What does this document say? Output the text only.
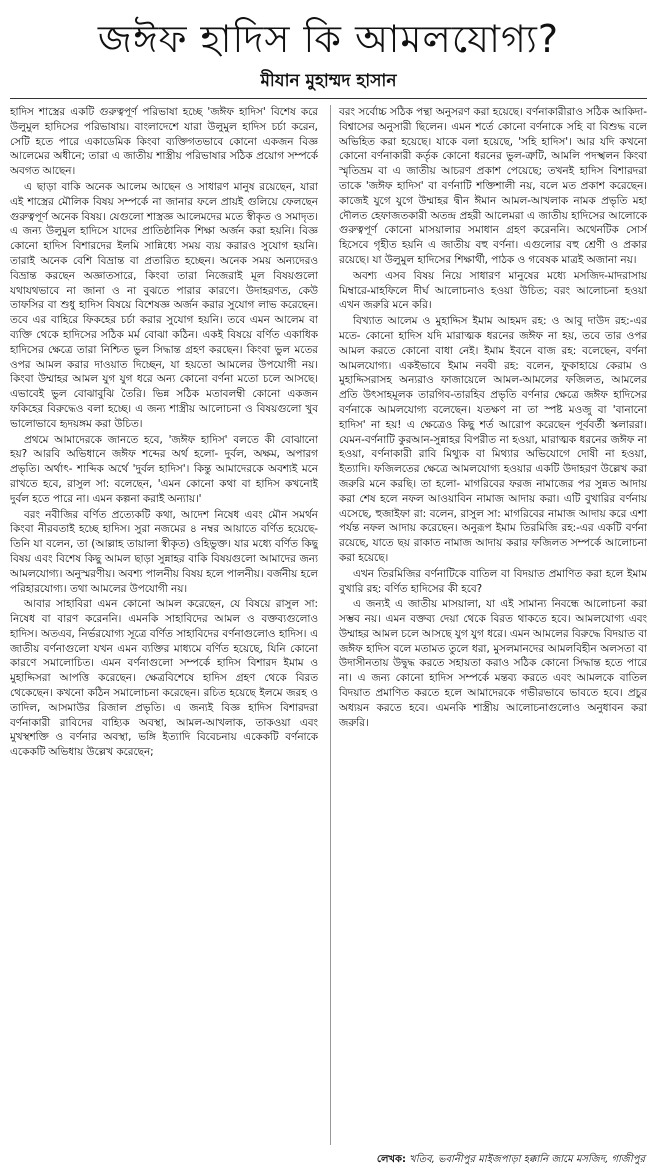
জঈফ হাদিস কি আমলযোগ্য?
মীযান মুহাম্মদ হাসান

হাদিস শাস্ত্রের একটি গুরুত্বপূর্ণ পরিভাষা হচ্ছে 'জঈফ হাদিস' বিশেষ করে উলুমুল হাদিসের পরিভাষায়। বাংলাদেশে যারা উলুমুল হাদিস চর্চা করেন, সেটি হতে পারে একাডেমিক কিংবা ব্যক্তিগতভাবে কোনো একজন বিজ্ঞ আলেমের অধীনে; তারা এ জাতীয় শাস্ত্রীয় পরিভাষার সঠিক প্রয়োগ সম্পর্কে অবগত আছেন।

এ ছাড়া বাকি অনেক আলেম আছেন ও সাধারণ মানুষ রয়েছেন, যারা এই শাস্ত্রের মৌলিক বিষয় সম্পর্কে না জানার ফলে প্রায়ই গুলিয়ে ফেলছেন গুরুত্বপূর্ণ অনেক বিষয়। যেগুলো শাস্ত্রজ্ঞ আলেমদের মতে স্বীকৃত ও সমাদৃত। এ জন্য উলুমুল হাদিসে যাদের প্রাতিষ্ঠানিক শিক্ষা অর্জন করা হয়নি। বিজ্ঞ কোনো হাদিস বিশারদের ইলমি সান্নিধ্যে সময় ব্যয় করারও সুযোগ হয়নি। তারাই অনেক বেশি বিভ্রান্ত বা প্রতারিত হচ্ছেন। অনেক সময় অন্যদেরও বিভ্রান্ত করছেন অজ্ঞাতসারে, কিংবা তারা নিজেরাই মূল বিষয়গুলো যথাযথভাবে না জানা ও না বুঝতে পারার কারণে। উদাহরণত, কেউ তাফসির বা শুধু হাদিস বিষয়ে বিশেষজ্ঞ অর্জন করার সুযোগ লাভ করেছেন। তবে এর বাহিরে ফিকহের চর্চা করার সুযোগ হয়নি। তবে এমন আলেম বা ব্যক্তি থেকে হাদিসের সঠিক মর্ম বোঝা কঠিন। একই বিষয়ে বর্ণিত একাধিক হাদিসের ক্ষেত্রে তারা নিশ্চিত ভুল সিদ্ধান্ত গ্রহণ করছেন। কিংবা ভুল মতের ওপর আমল করার দাওয়াত দিচ্ছেন, যা হয়তো আমলের উপযোগী নয়। কিংবা উম্মাহর আমল যুগ যুগ ধরে অন্য কোনো বর্ণনা মতো চলে আসছে। এভাবেই ভুল বোঝাবুঝি তৈরি। ভিন্ন সঠিক মতাবলম্বী কোনো একজন ফকিহের বিরুদ্ধেও বলা হচ্ছে। এ জন্য শাস্ত্রীয় আলোচনা ও বিষয়গুলো খুব ভালোভাবে হৃদয়ঙ্গম করা উচিত।

প্রথমে আমাদেরকে জানতে হবে, 'জঈফ হাদিস' বলতে কী বোঝানো হয়? আরবি অভিধানে জঈফ শব্দের অর্থ হলো- দুর্বল, অক্ষম, অপারগ প্রভৃতি। অর্থাৎ- শাব্দিক অর্থে 'দুর্বল হাদিস'। কিন্তু আমাদেরকে অবশ্যই মনে রাখতে হবে, রাসুল সা: বলেছেন, 'এমন কোনো কথা বা হাদিস কখনোই দুর্বল হতে পারে না। এমন কল্পনা করাই অন্যায়।'

বরং নবীজির বর্ণিত প্রত্যেকটি কথা, আদেশ নিষেধ এবং মৌন সমর্থন কিংবা নীরবতাই হচ্ছে হাদিস। সুরা নজমের ৪ নম্বর আয়াতে বর্ণিত হয়েছে- তিনি যা বলেন, তা (আল্লাহ তায়ালা স্বীকৃত) ওহিভুক্ত। যার মধ্যে বর্ণিত কিছু বিষয় এবং বিশেষ কিছু আমল ছাড়া সুন্নাহর বাকি বিষয়গুলো আমাদের জন্য আমলযোগ্য। অনুস্মরণীয়। অবশ্য পালনীয় বিষয় হলে পালনীয়। বর্জনীয় হলে পরিহারযোগ্য। তথা আমলের উপযোগী নয়।

আবার সাহাবিরা এমন কোনো আমল করেছেন, যে বিষয়ে রাসুল সা: নিষেধ বা বারণ করেননি। এমনকি সাহাবিদের আমল ও বক্তব্যগুলোও হাদিস। অতএব, নির্ভরযোগ্য সূত্রে বর্ণিত সাহাবিদের বর্ণনাগুলোও হাদিস। এ জাতীয় বর্ণনাগুলো যখন এমন ব্যক্তির মাধ্যমে বর্ণিত হয়েছে, যিনি কোনো কারণে সমালোচিত। এমন বর্ণনাগুলো সম্পর্কে হাদিস বিশারদ ইমাম ও মুহাদ্দিসরা আপত্তি করেছেন। ক্ষেত্রবিশেষে হাদিস গ্রহণ থেকে বিরত থেকেছেন। কখনো কঠিন সমালোচনা করেছেন। রচিত হয়েছে ইলমে জরহ ও তাদিল, আসমাউর রিজাল প্রভৃতি। এ জন্যই বিজ্ঞ হাদিস বিশারদরা বর্ণনাকারী রাবিদের বাহ্যিক অবস্থা, আমল-আখলাক, তাকওয়া এবং মুখস্থশক্তি ও বর্ণনার অবস্থা, ভঙ্গি ইত্যাদি বিবেচনায় একেকটি বর্ণনাকে একেকটি অভিধায় উল্লেখ করেছেন;

বরং সর্বোচ্চ সঠিক পন্থা অনুসরণ করা হয়েছে। বর্ণনাকারীরাও সঠিক আকিদা-বিশ্বাসের অনুসারী ছিলেন। এমন শর্তে কোনো বর্ণনাকে সহি বা বিশুদ্ধ বলে অভিহিত করা হয়েছে। যাকে বলা হয়েছে, 'সহি হাদিস'। আর যদি কখনো কোনো বর্ণনাকারী কর্তৃক কোনো ধরনের ভুল-ত্রুটি, আমলি পদস্খলন কিংবা স্মৃতিভ্রম বা এ জাতীয় আচরণ প্রকাশ পেয়েছে; তখনই হাদিস বিশারদরা তাকে 'জঈফ হাদিস' বা বর্ণনাটি শক্তিশালী নয়, বলে মত প্রকাশ করেছেন। কাজেই যুগে যুগে উম্মাহর দ্বীন ঈমান আমল-আখলাক নামক প্রভৃতি মহা দৌলত হেফাজতকারী অতন্দ্র প্রহরী আলেমরা এ জাতীয় হাদিসের আলোকে গুরুত্বপূর্ণ কোনো মাসয়ালার সমাধান গ্রহণ করেননি। অথেনটিক সোর্স হিসেবে গৃহীত হয়নি এ জাতীয় বহু বর্ণনা। এগুলোর বহু শ্রেণী ও প্রকার রয়েছে। যা উলুমুল হাদিসের শিক্ষার্থী, পাঠক ও গবেষক মাত্রই অজানা নয়।

অবশ্য এসব বিষয় নিয়ে সাধারণ মানুষের মধ্যে মসজিদ-মাদরাসায় মিম্বারে-মাহফিলে দীর্ঘ আলোচনাও হওয়া উচিত; বরং আলোচনা হওয়া এখন জরুরি মনে করি।

বিখ্যাত আলেম ও মুহাদ্দিস ইমাম আহমদ রহ: ও আবু দাউদ রহ:-এর মতে- কোনো হাদিস যদি মারাত্মক ধরনের জঈফ না হয়, তবে তার ওপর আমল করতে কোনো বাধা নেই। ইমাম ইবনে বাজ রহ: বলেছেন, বর্ণনা আমলযোগ্য। একইভাবে ইমাম নববী রহ: বলেন, ফুকাহায়ে কেরাম ও মুহাদ্দিসরাসহ অন্যরাও ফাজায়েলে আমল-আমলের ফজিলত, আমলের প্রতি উৎসাহমূলক তারগিব-তারহিব প্রভৃতি বর্ণনার ক্ষেত্রে জঈফ হাদিসের বর্ণনাকে আমলযোগ্য বলেছেন। যতক্ষণ না তা স্পষ্ট মওজু বা 'বানানো হাদিস' না হয়! এ ক্ষেত্রেও কিছু শর্ত আরোপ করেছেন পূর্ববর্তী স্কলাররা। যেমন-বর্ণনাটি কুরআন-সুন্নাহর বিপরীত না হওয়া, মারাত্মক ধরনের জঈফ না হওয়া, বর্ণনাকারী রাবি মিথ্যুক বা মিথ্যার অভিযোগে দোষী না হওয়া, ইত্যাদি। ফজিলতের ক্ষেত্রে আমলযোগ্য হওয়ার একটি উদাহরণ উল্লেখ করা জরুরি মনে করছি। তা হলো- মাগরিবের ফরজ নামাজের পর সুন্নত আদায় করা শেষ হলে নফল আওয়াবিন নামাজ আদায় করা। এটি বুখারির বর্ণনায় এসেছে, হুজাইফা রা: বলেন, রাসুল সা: মাগরিবের নামাজ আদায় করে এশা পর্যন্ত নফল আদায় করেছেন। অনুরূপ ইমাম তিরমিজি রহ:-এর একটি বর্ণনা রয়েছে, যাতে ছয় রাকাত নামাজ আদায় করার ফজিলত সম্পর্কে আলোচনা করা হয়েছে।

এখন তিরমিজির বর্ণনাটিকে বাতিল বা বিদয়াত প্রমাণিত করা হলে ইমাম বুখারি রহ: বর্ণিত হাদিসের কী হবে?

এ জন্যই এ জাতীয় মাসয়ালা, যা এই সামান্য নিবন্ধে আলোচনা করা সম্ভব নয়। এমন বক্তব্য দেয়া থেকে বিরত থাকতে হবে। আমলযোগ্য এবং উম্মাহর আমল চলে আসছে যুগ যুগ ধরে। এমন আমলের বিরুদ্ধে বিদয়াত বা জঈফ হাদিস বলে মতামত তুলে ধরা, মুসলমানদের আমলবিহীন অলসতা বা উদাসীনতায় উদ্বুদ্ধ করতে সহায়তা করাও সঠিক কোনো সিদ্ধান্ত হতে পারে না। এ জন্য কোনো হাদিস সম্পর্কে মন্তব্য করতে এবং আমলকে বাতিল বিদয়াত প্রমাণিত করতে হলে আমাদেরকে গভীরভাবে ভাবতে হবে। প্রচুর অধ্যয়ন করতে হবে। এমনকি শাস্ত্রীয় আলোচনাগুলোও অনুধাবন করা জরুরি।

লেখক: খতিব, ভবানীপুর মাইজপাড়া হক্কানি জামে মসজিদ, গাজীপুর
